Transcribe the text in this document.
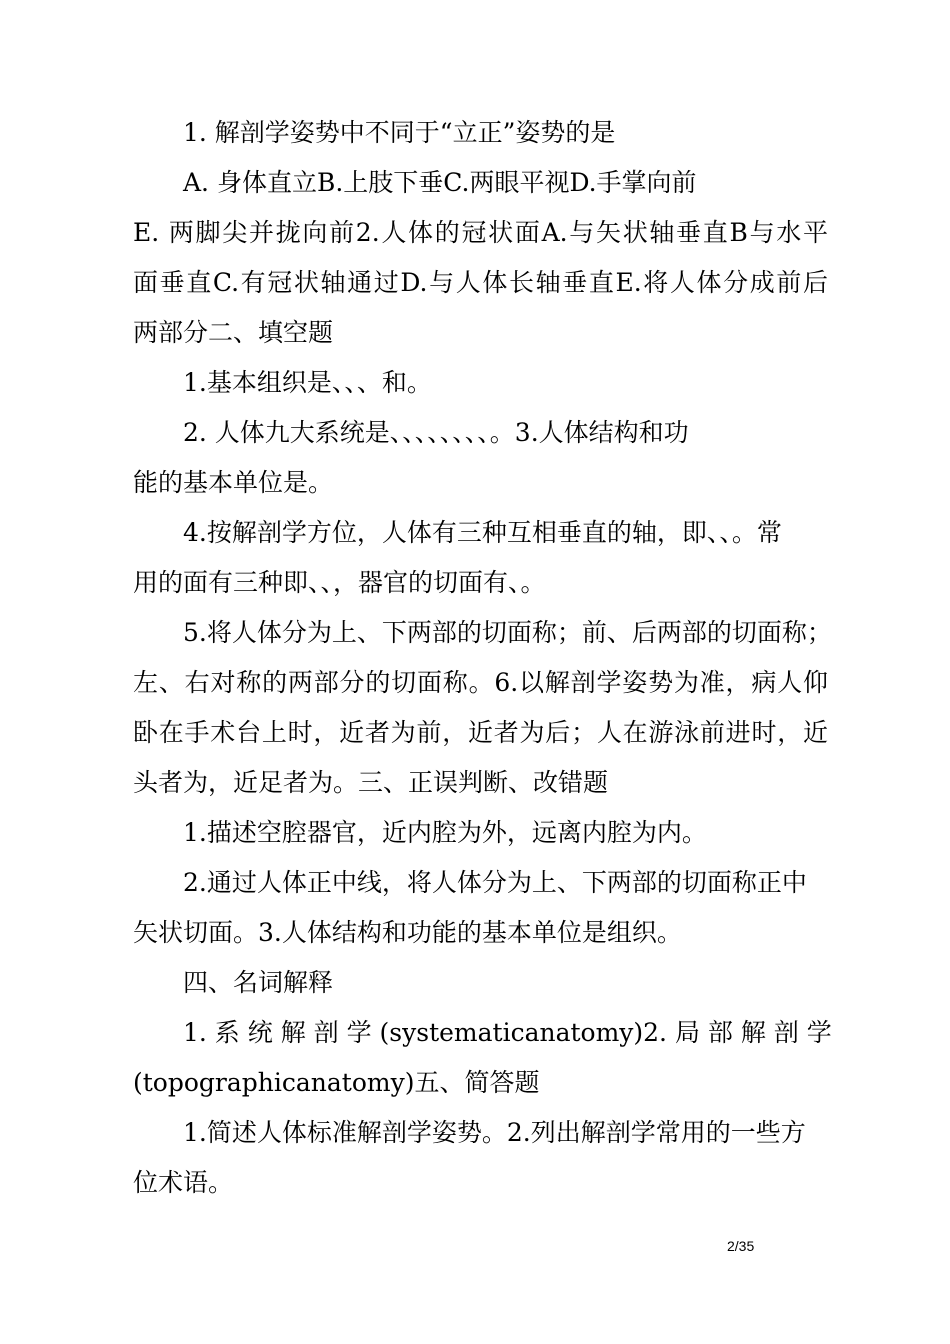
1. 解剖学姿势中不同于“立正”姿势的是
A. 身体直立B.上肢下垂C.两眼平视D.手掌向前
E. 两脚尖并拢向前2.人体的冠状面A.与矢状轴垂直B与水平
面垂直C.有冠状轴通过D.与人体长轴垂直E.将人体分成前后
两部分二、填空题
1.基本组织是、、、和。
2. 人体九大系统是、、、、、、、、。3.人体结构和功
能的基本单位是。
4.按解剖学方位，人体有三种互相垂直的轴，即、、。常
用的面有三种即、、，器官的切面有、。
5.将人体分为上、下两部的切面称；前、后两部的切面称；
左、右对称的两部分的切面称。6.以解剖学姿势为准，病人仰
卧在手术台上时，近者为前，近者为后；人在游泳前进时，近
头者为，近足者为。三、正误判断、改错题
1.描述空腔器官，近内腔为外，远离内腔为内。
2.通过人体正中线，将人体分为上、下两部的切面称正中
矢状切面。3.人体结构和功能的基本单位是组织。
四、名词解释
1. 系 统 解 剖 学 (systematicanatomy)2. 局 部 解 剖 学
(topographicanatomy)五、简答题
1.简述人体标准解剖学姿势。2.列出解剖学常用的一些方
位术语。
2/35
